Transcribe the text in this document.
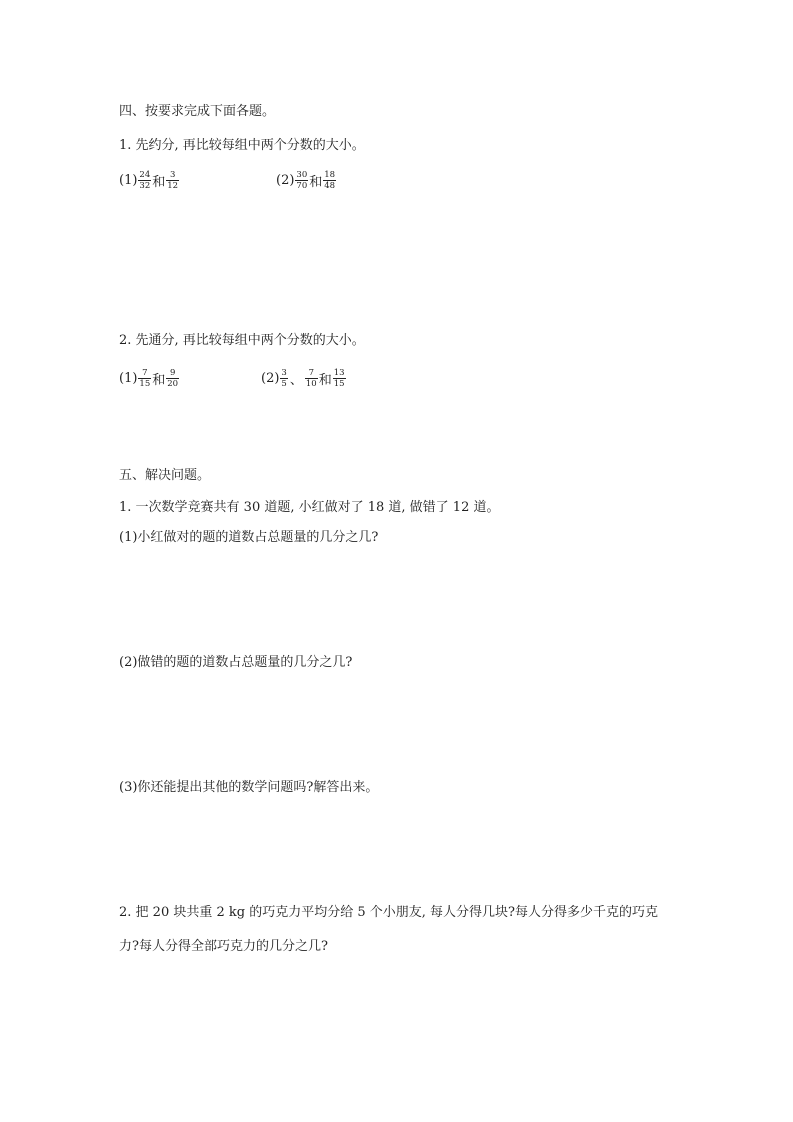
四、按要求完成下面各题。
1. 先约分, 再比较每组中两个分数的大小。
$(1) \frac{24}{32}$ 和 $\frac{3}{12}$	$(2) \frac{30}{70}$ 和 $\frac{18}{48}$
2. 先通分, 再比较每组中两个分数的大小。
$(1) \frac{7}{15}$ 和 $\frac{9}{20}$	$(2) \frac{3}{5}$ 、 $\frac{7}{10}$ 和 $\frac{13}{15}$
五、解决问题。
1. 一次数学竞赛共有 30 道题, 小红做对了 18 道, 做错了 12 道。
(1)小红做对的题的道数占总题量的几分之几?
(2)做错的题的道数占总题量的几分之几?
(3)你还能提出其他的数学问题吗?解答出来。
2. 把 20 块共重 2 kg 的巧克力平均分给 5 个小朋友, 每人分得几块?每人分得多少千克的巧克
力?每人分得全部巧克力的几分之几?
